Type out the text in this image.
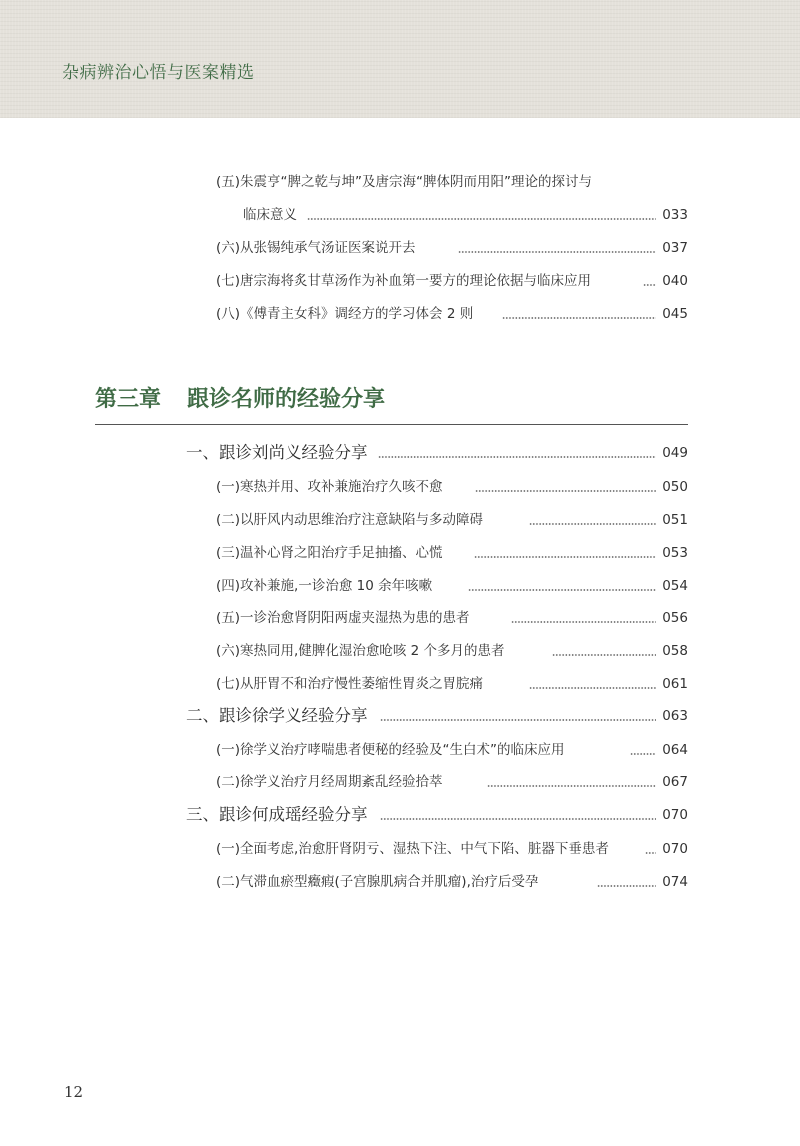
杂病辨治心悟与医案精选
(五)朱震亨“脾之乾与坤”及唐宗海“脾体阴而用阳”理论的探讨与
临床意义	033
(六)从张锡纯承气汤证医案说开去	037
(七)唐宗海将炙甘草汤作为补血第一要方的理论依据与临床应用	040
(八)《傅青主女科》调经方的学习体会 2 则	045
第三章 跟诊名师的经验分享
一、跟诊刘尚义经验分享	049
(一)寒热并用、攻补兼施治疗久咳不愈	050
(二)以肝风内动思维治疗注意缺陷与多动障碍	051
(三)温补心肾之阳治疗手足抽搐、心慌	053
(四)攻补兼施,一诊治愈 10 余年咳嗽	054
(五)一诊治愈肾阴阳两虚夹湿热为患的患者	056
(六)寒热同用,健脾化湿治愈呛咳 2 个多月的患者	058
(七)从肝胃不和治疗慢性萎缩性胃炎之胃脘痛	061
二、跟诊徐学义经验分享	063
(一)徐学义治疗哮喘患者便秘的经验及“生白术”的临床应用	064
(二)徐学义治疗月经周期紊乱经验拾萃	067
三、跟诊何成瑶经验分享	070
(一)全面考虑,治愈肝肾阴亏、湿热下注、中气下陷、脏器下垂患者	070
(二)气滞血瘀型癥瘕(子宫腺肌病合并肌瘤),治疗后受孕	074
12
